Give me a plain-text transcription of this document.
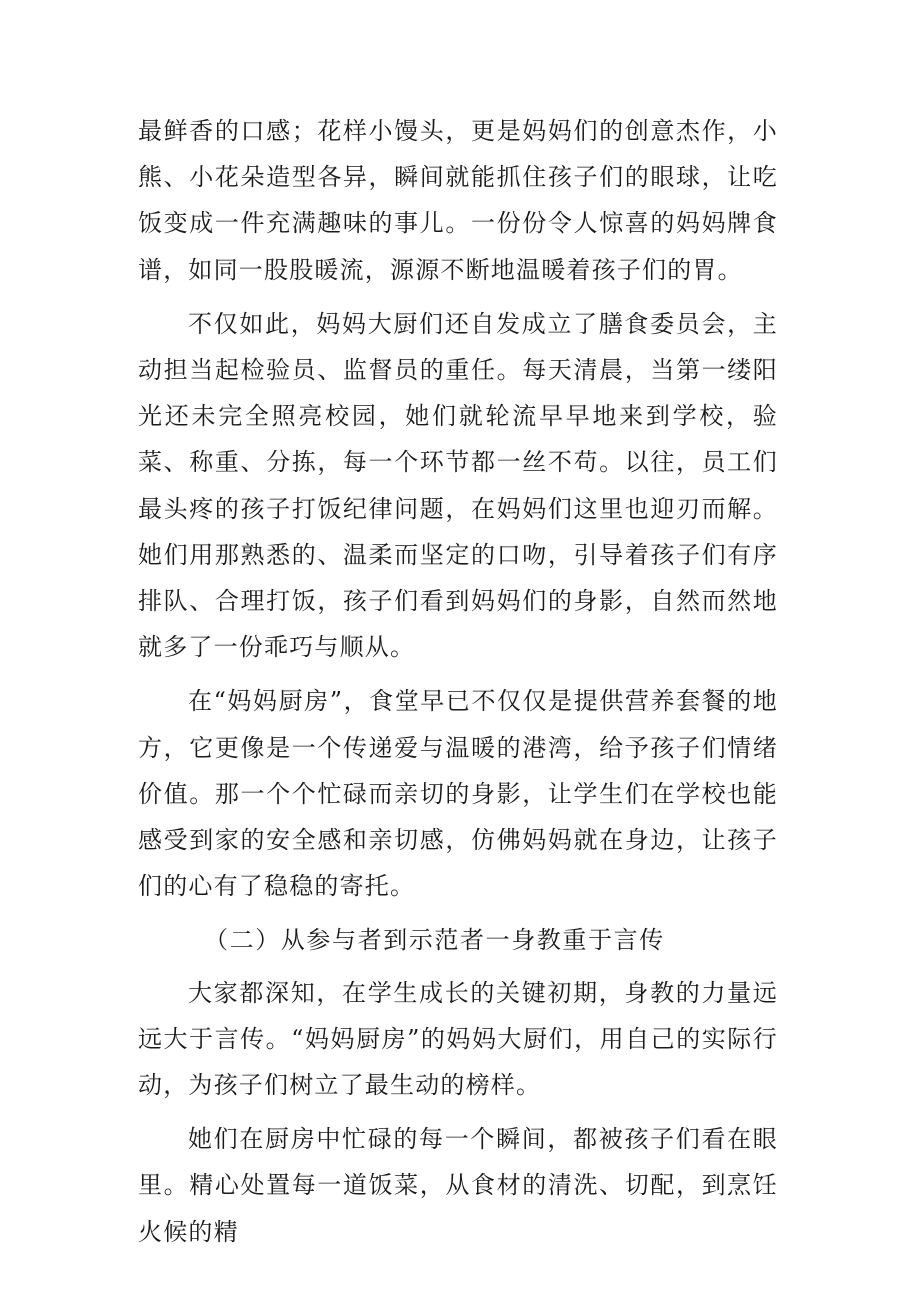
最鲜香的口感；花样小馒头，更是妈妈们的创意杰作，小熊、小花朵造型各异，瞬间就能抓住孩子们的眼球，让吃饭变成一件充满趣味的事儿。一份份令人惊喜的妈妈牌食谱，如同一股股暖流，源源不断地温暖着孩子们的胃。

不仅如此，妈妈大厨们还自发成立了膳食委员会，主动担当起检验员、监督员的重任。每天清晨，当第一缕阳光还未完全照亮校园，她们就轮流早早地来到学校，验菜、称重、分拣，每一个环节都一丝不苟。以往，员工们最头疼的孩子打饭纪律问题，在妈妈们这里也迎刃而解。她们用那熟悉的、温柔而坚定的口吻，引导着孩子们有序排队、合理打饭，孩子们看到妈妈们的身影，自然而然地就多了一份乖巧与顺从。

在“妈妈厨房”，食堂早已不仅仅是提供营养套餐的地方，它更像是一个传递爱与温暖的港湾，给予孩子们情绪价值。那一个个忙碌而亲切的身影，让学生们在学校也能感受到家的安全感和亲切感，仿佛妈妈就在身边，让孩子们的心有了稳稳的寄托。

（二）从参与者到示范者一身教重于言传

大家都深知，在学生成长的关键初期，身教的力量远远大于言传。“妈妈厨房”的妈妈大厨们，用自己的实际行动，为孩子们树立了最生动的榜样。

她们在厨房中忙碌的每一个瞬间，都被孩子们看在眼里。精心处置每一道饭菜，从食材的清洗、切配，到烹饪火候的精
